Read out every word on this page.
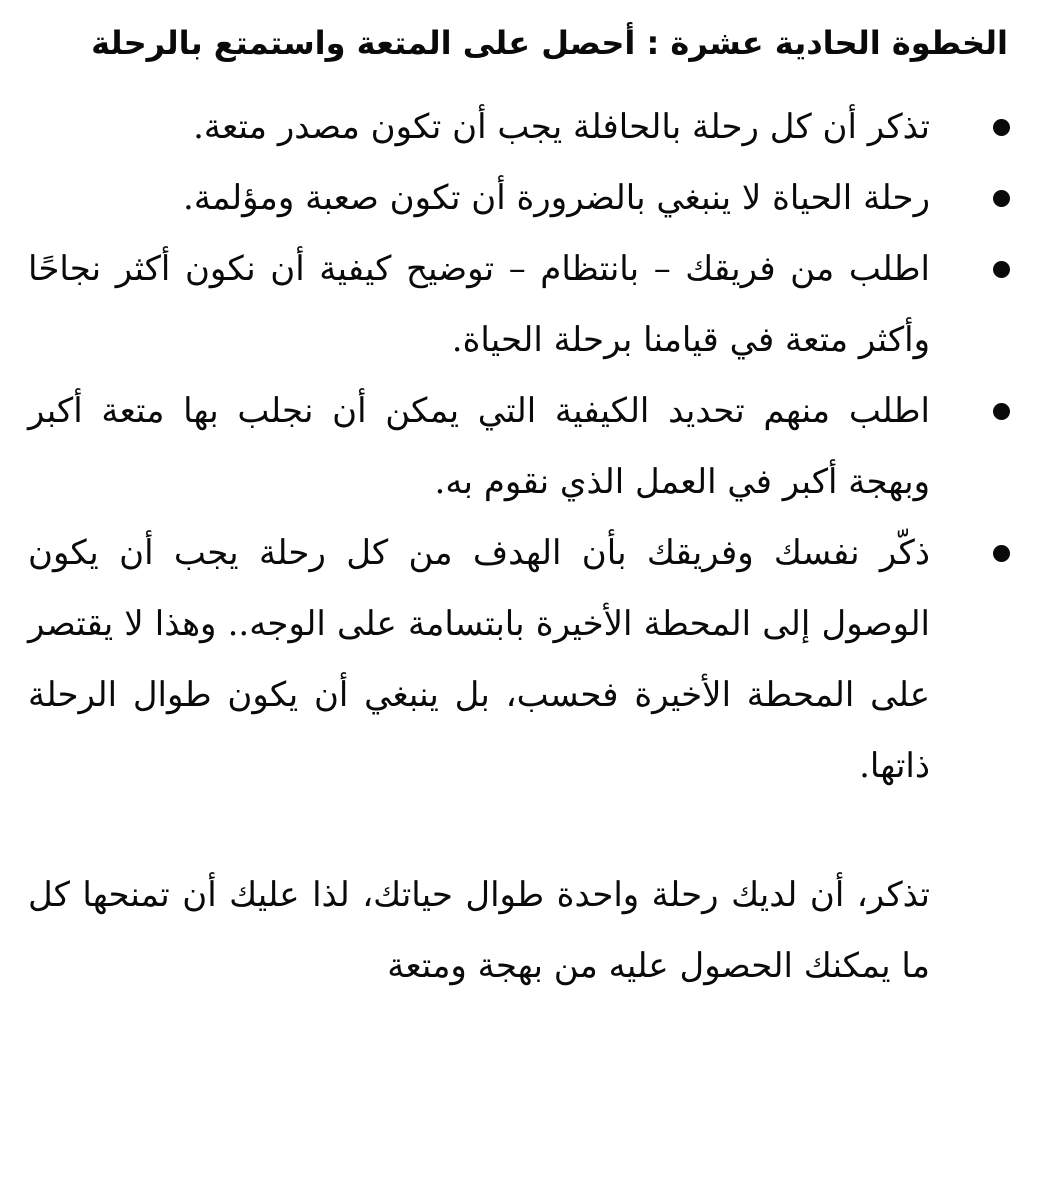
الخطوة الحادية عشرة : أحصل على المتعة واستمتع بالرحلة
تذكر أن كل رحلة بالحافلة يجب أن تكون مصدر متعة.
رحلة الحياة لا ينبغي بالضرورة أن تكون صعبة ومؤلمة.
اطلب من فريقك – بانتظام – توضيح كيفية أن نكون أكثر نجاحًا وأكثر متعة في قيامنا برحلة الحياة.
اطلب منهم تحديد الكيفية التي يمكن أن نجلب بها متعة أكبر وبهجة أكبر في العمل الذي نقوم به.
ذكّر نفسك وفريقك بأن الهدف من كل رحلة يجب أن يكون الوصول إلى المحطة الأخيرة بابتسامة على الوجه.. وهذا لا يقتصر على المحطة الأخيرة فحسب، بل ينبغي أن يكون طوال الرحلة ذاتها.

تذكر، أن لديك رحلة واحدة طوال حياتك، لذا عليك أن تمنحها كل ما يمكنك الحصول عليه من بهجة ومتعة
